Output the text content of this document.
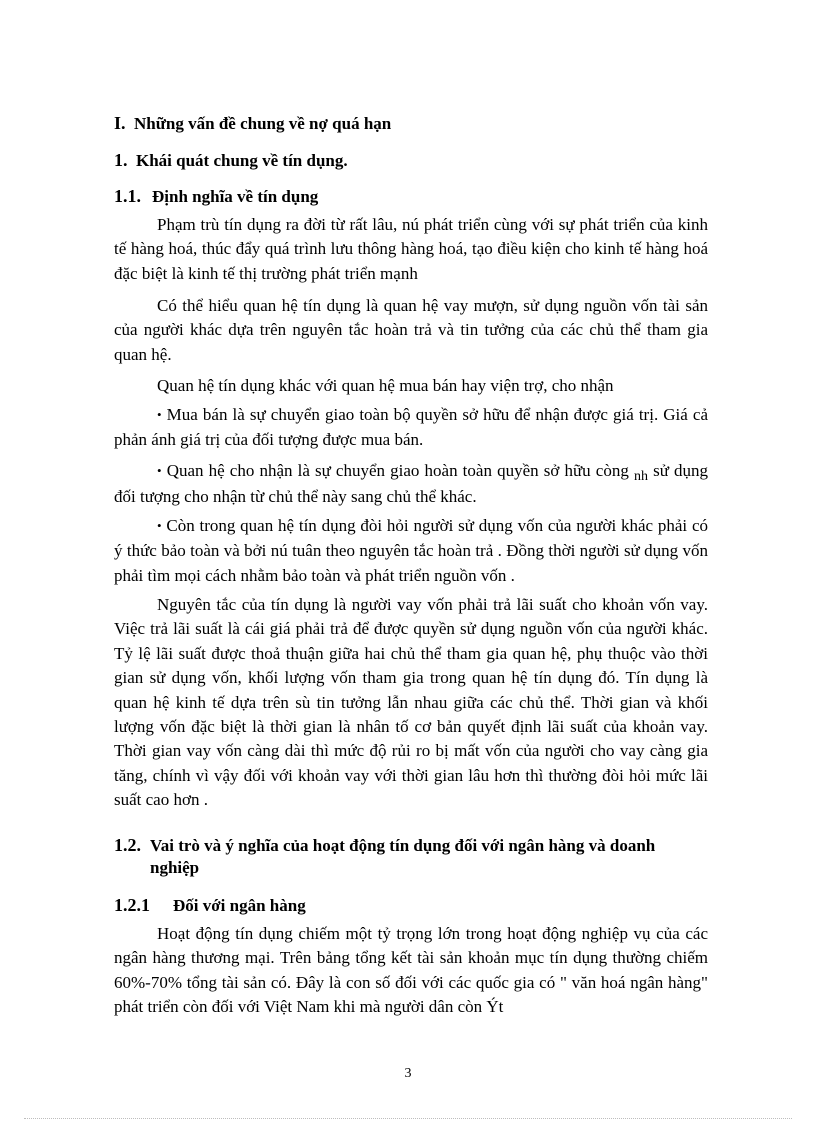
I. Những vấn đề chung về nợ quá hạn
1. Khái quát chung về tín dụng.
1.1. Định nghĩa về tín dụng
Phạm trù tín dụng ra đời từ rất lâu, nú phát triển cùng với sự phát triển của kinh tế hàng hoá, thúc đẩy quá trình lưu thông hàng hoá, tạo điều kiện cho kinh tế hàng hoá đặc biệt là kinh tế thị trường phát triển mạnh
Có thể hiểu quan hệ tín dụng là quan hệ vay mượn, sử dụng nguồn vốn tài sản của người khác dựa trên nguyên tắc hoàn trả và tin tưởng của các chủ thể tham gia quan hệ.
Quan hệ tín dụng khác với quan hệ mua bán hay viện trợ, cho nhận
• Mua bán là sự chuyển giao toàn bộ quyền sở hữu để nhận được giá trị. Giá cả phản ánh giá trị của đối tượng được mua bán.
• Quan hệ cho nhận là sự chuyển giao hoàn toàn quyền sở hữu còng $_{nh}$ sử dụng đối tượng cho nhận từ chủ thể này sang chủ thể khác.
• Còn trong quan hệ tín dụng đòi hỏi người sử dụng vốn của người khác phải có ý thức bảo toàn và bởi nú tuân theo nguyên tắc hoàn trả . Đồng thời người sử dụng vốn phải tìm mọi cách nhằm bảo toàn và phát triển nguồn vốn .
Nguyên tắc của tín dụng là người vay vốn phải trả lãi suất cho khoản vốn vay. Việc trả lãi suất là cái giá phải trả để được quyền sử dụng nguồn vốn của người khác. Tỷ lệ lãi suất được thoả thuận giữa hai chủ thể tham gia quan hệ, phụ thuộc vào thời gian sử dụng vốn, khối lượng vốn tham gia trong quan hệ tín dụng đó. Tín dụng là quan hệ kinh tế dựa trên sù tin tưởng lẫn nhau giữa các chủ thể. Thời gian và khối lượng vốn đặc biệt là thời gian là nhân tố cơ bản quyết định lãi suất của khoản vay. Thời gian vay vốn càng dài thì mức độ rủi ro bị mất vốn của người cho vay càng gia tăng, chính vì vậy đối với khoản vay với thời gian lâu hơn thì thường đòi hỏi mức lãi suất cao hơn .
1.2. Vai trò và ý nghĩa của hoạt động tín dụng đối với ngân hàng và doanh
nghiệp
1.2.1 Đối với ngân hàng
Hoạt động tín dụng chiếm một tỷ trọng lớn trong hoạt động nghiệp vụ của các ngân hàng thương mại. Trên bảng tổng kết tài sản khoản mục tín dụng thường chiếm 60%-70% tổng tài sản có. Đây là con số đối với các quốc gia có " văn hoá ngân hàng" phát triển còn đối với Việt Nam khi mà người dân còn Ýt
3
